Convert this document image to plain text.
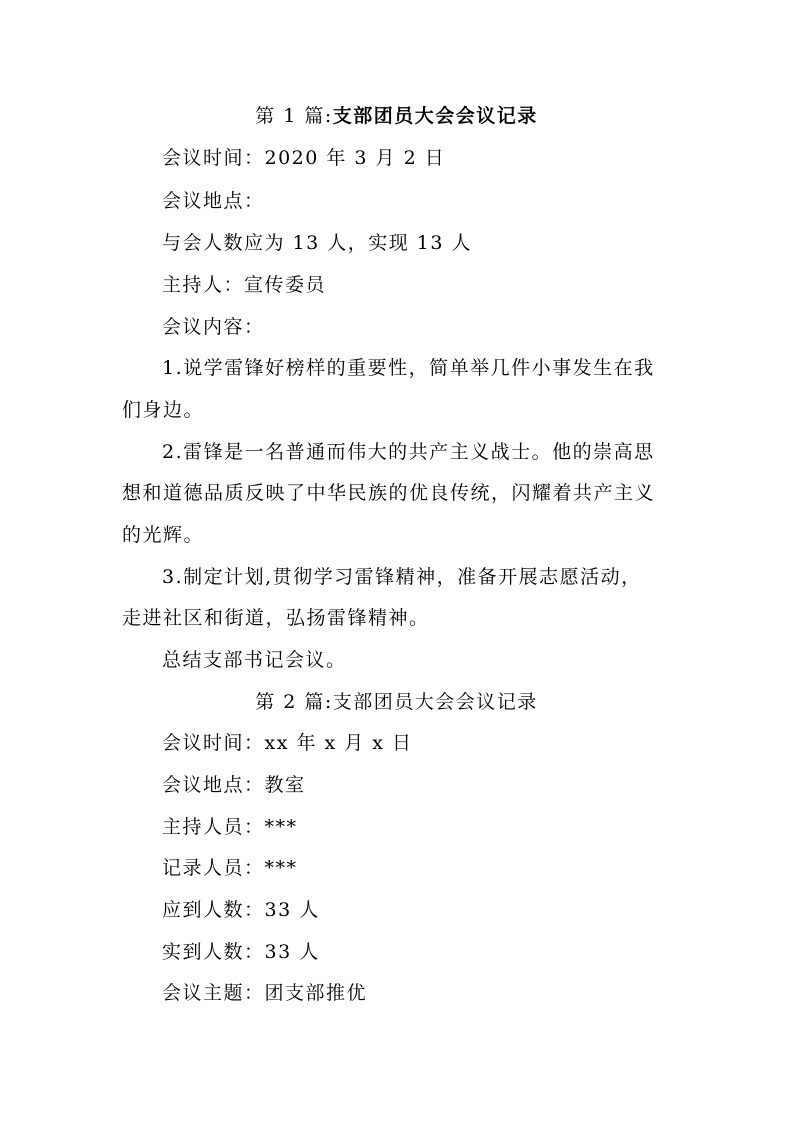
第 1 篇:支部团员大会会议记录
会议时间：2020 年 3 月 2 日
会议地点：
与会人数应为 13 人，实现 13 人
主持人：宣传委员
会议内容：
1.说学雷锋好榜样的重要性，简单举几件小事发生在我
们身边。
2.雷锋是一名普通而伟大的共产主义战士。他的崇高思
想和道德品质反映了中华民族的优良传统，闪耀着共产主义
的光辉。
3.制定计划,贯彻学习雷锋精神，准备开展志愿活动，
走进社区和街道，弘扬雷锋精神。
总结支部书记会议。
第 2 篇:支部团员大会会议记录
会议时间：xx 年 x 月 x 日
会议地点：教室
主持人员：***
记录人员：***
应到人数：33 人
实到人数：33 人
会议主题：团支部推优
